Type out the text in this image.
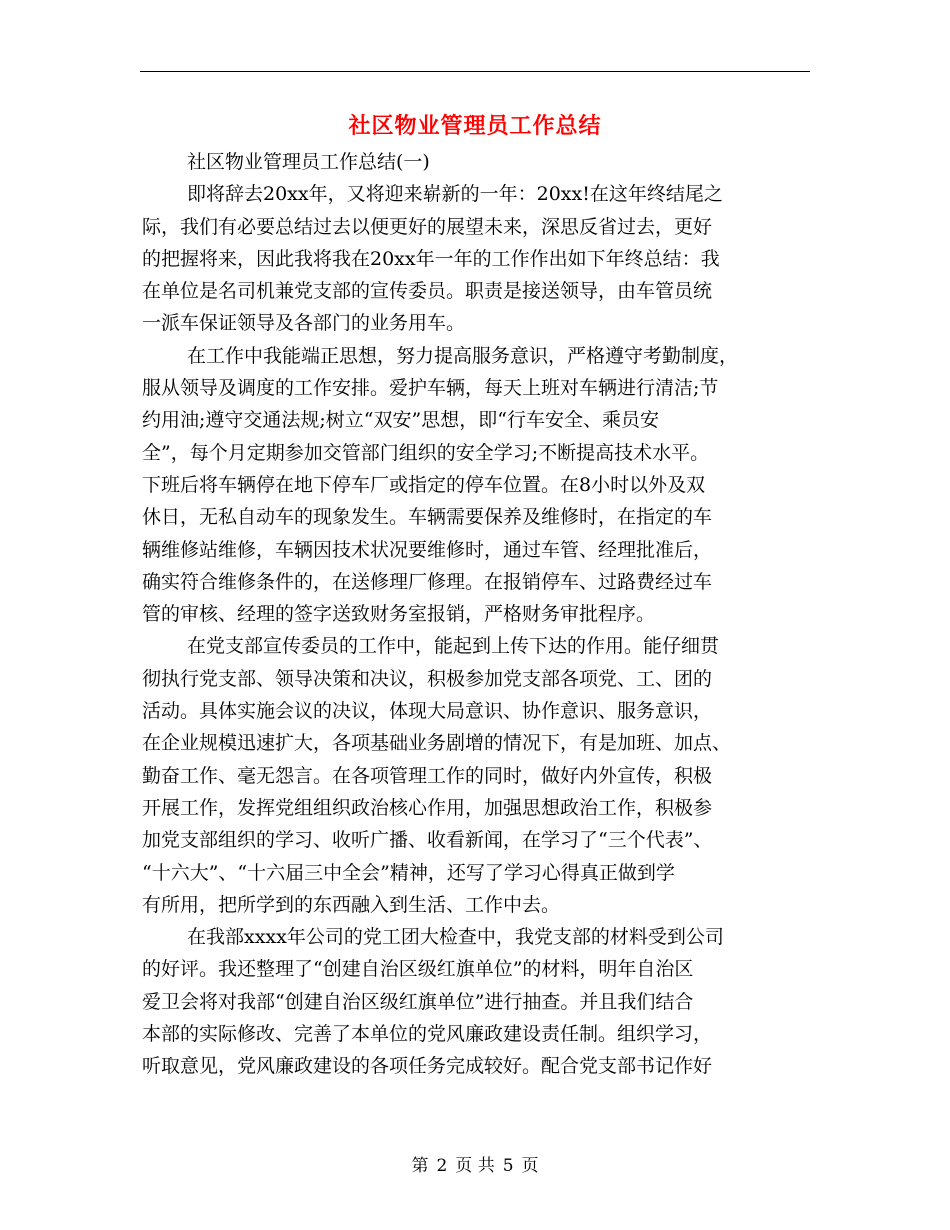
社区物业管理员工作总结
社区物业管理员工作总结(一)
即将辞去20xx年，又将迎来崭新的一年：20xx!在这年终结尾之
际，我们有必要总结过去以便更好的展望未来，深思反省过去，更好
的把握将来，因此我将我在20xx年一年的工作作出如下年终总结：我
在单位是名司机兼党支部的宣传委员。职责是接送领导，由车管员统
一派车保证领导及各部门的业务用车。
在工作中我能端正思想，努力提高服务意识，严格遵守考勤制度，
服从领导及调度的工作安排。爱护车辆，每天上班对车辆进行清洁;节
约用油;遵守交通法规;树立“双安”思想，即“行车安全、乘员安
全”，每个月定期参加交管部门组织的安全学习;不断提高技术水平。
下班后将车辆停在地下停车厂或指定的停车位置。在8小时以外及双
休日，无私自动车的现象发生。车辆需要保养及维修时，在指定的车
辆维修站维修，车辆因技术状况要维修时，通过车管、经理批准后，
确实符合维修条件的，在送修理厂修理。在报销停车、过路费经过车
管的审核、经理的签字送致财务室报销，严格财务审批程序。
在党支部宣传委员的工作中，能起到上传下达的作用。能仔细贯
彻执行党支部、领导决策和决议，积极参加党支部各项党、工、团的
活动。具体实施会议的决议，体现大局意识、协作意识、服务意识，
在企业规模迅速扩大，各项基础业务剧增的情况下，有是加班、加点、
勤奋工作、毫无怨言。在各项管理工作的同时，做好内外宣传，积极
开展工作，发挥党组组织政治核心作用，加强思想政治工作，积极参
加党支部组织的学习、收听广播、收看新闻，在学习了“三个代表”、
“十六大”、“十六届三中全会”精神，还写了学习心得真正做到学
有所用，把所学到的东西融入到生活、工作中去。
在我部xxxx年公司的党工团大检查中，我党支部的材料受到公司
的好评。我还整理了“创建自治区级红旗单位”的材料，明年自治区
爱卫会将对我部“创建自治区级红旗单位”进行抽查。并且我们结合
本部的实际修改、完善了本单位的党风廉政建设责任制。组织学习，
听取意见，党风廉政建设的各项任务完成较好。配合党支部书记作好
第 2 页 共 5 页
